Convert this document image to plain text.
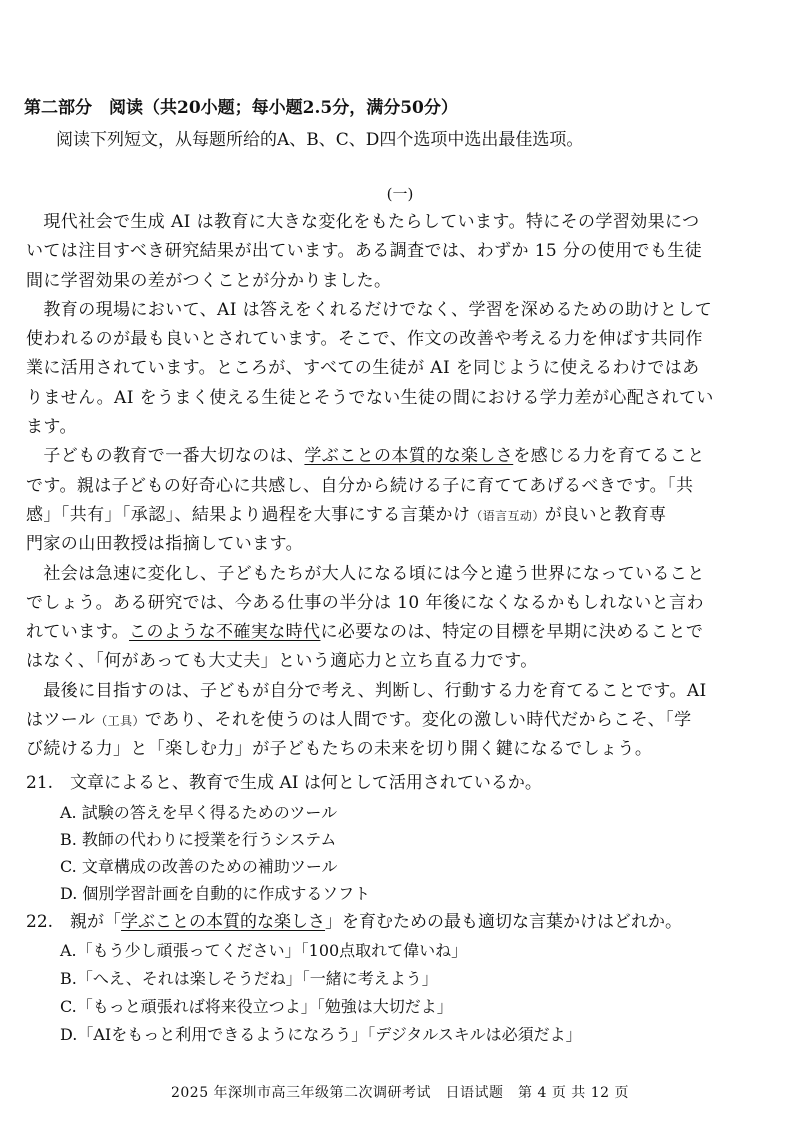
第二部分　阅读（共20小题；每小题2.5分，满分50分）
阅读下列短文，从每题所给的A、B、C、D四个选项中选出最佳选项。
(一)
　現代社会で生成 AI は教育に大きな変化をもたらしています。特にその学習効果につ
いては注目すべき研究結果が出ています。ある調査では、わずか 15 分の使用でも生徒
間に学習効果の差がつくことが分かりました。
　教育の現場において、AI は答えをくれるだけでなく、学習を深めるための助けとして
使われるのが最も良いとされています。そこで、作文の改善や考える力を伸ばす共同作
業に活用されています。ところが、すべての生徒が AI を同じように使えるわけではあ
りません。AI をうまく使える生徒とそうでない生徒の間における学力差が心配されてい
ます。
　子どもの教育で一番大切なのは、学ぶことの本質的な楽しさを感じる力を育てること
です。親は子どもの好奇心に共感し、自分から続ける子に育ててあげるべきです。「共
感」「共有」「承認」、結果より過程を大事にする言葉かけ（语言互动）が良いと教育専
門家の山田教授は指摘しています。
　社会は急速に変化し、子どもたちが大人になる頃には今と違う世界になっていること
でしょう。ある研究では、今ある仕事の半分は 10 年後になくなるかもしれないと言わ
れています。このような不確実な時代に必要なのは、特定の目標を早期に決めることで
はなく、「何があっても大丈夫」という適応力と立ち直る力です。
　最後に目指すのは、子どもが自分で考え、判断し、行動する力を育てることです。AI
はツール（工具）であり、それを使うのは人間です。変化の激しい時代だからこそ、「学
び続ける力」と「楽しむ力」が子どもたちの未来を切り開く鍵になるでしょう。
21.　文章によると、教育で生成 AI は何として活用されているか。
A. 試験の答えを早く得るためのツール
B. 教師の代わりに授業を行うシステム
C. 文章構成の改善のための補助ツール
D. 個別学習計画を自動的に作成するソフト
22.　親が「学ぶことの本質的な楽しさ」を育むための最も適切な言葉かけはどれか。
A.「もう少し頑張ってください」「100点取れて偉いね」
B.「へえ、それは楽しそうだね」「一緒に考えよう」
C.「もっと頑張れば将来役立つよ」「勉強は大切だよ」
D.「AIをもっと利用できるようになろう」「デジタルスキルは必須だよ」
2025 年深圳市高三年级第二次调研考试　日语试题　第 4 页 共 12 页
